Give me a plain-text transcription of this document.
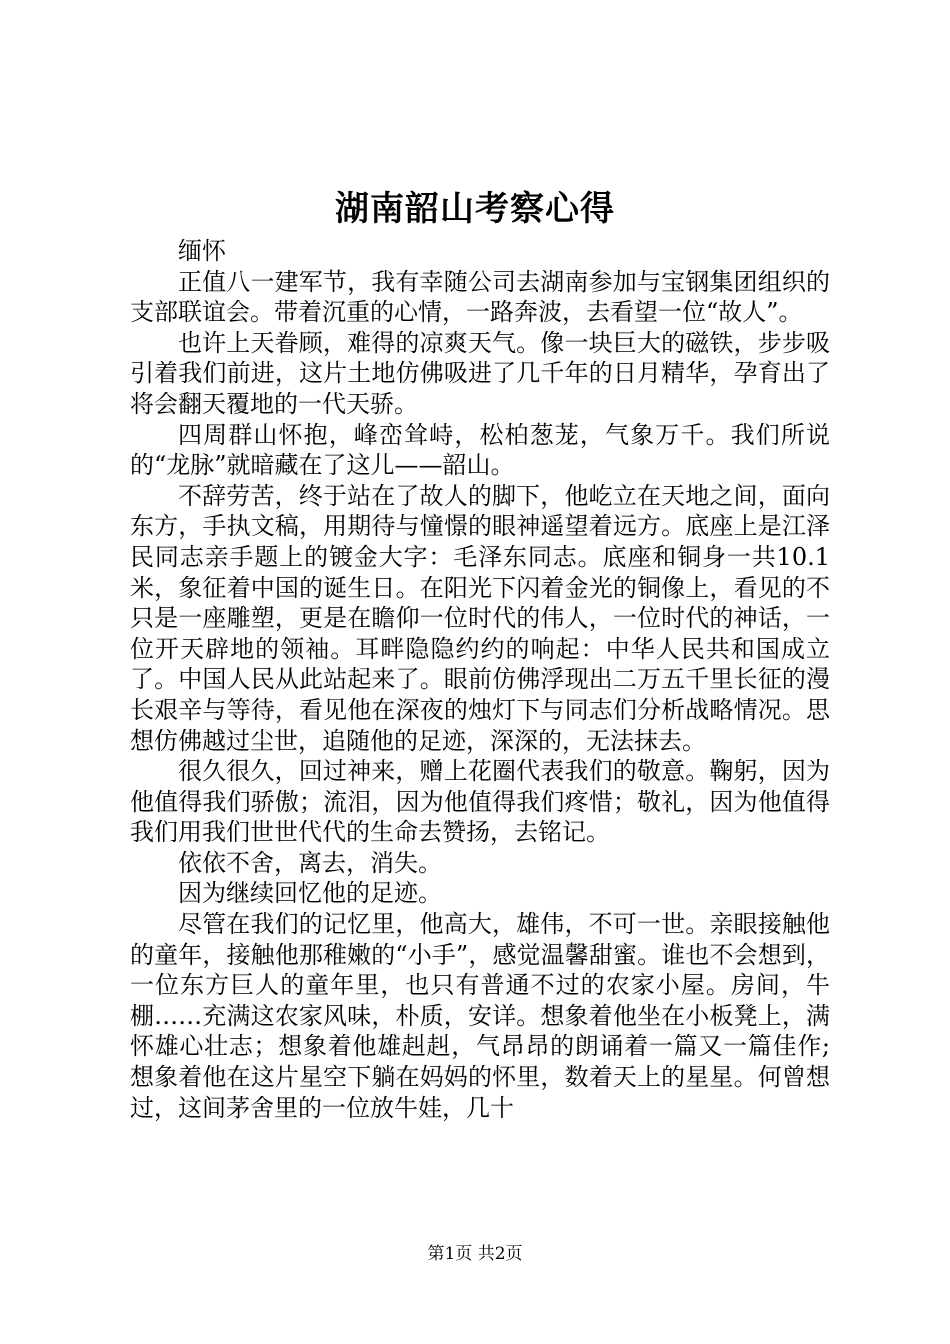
湖南韶山考察心得

缅怀

正值八一建军节，我有幸随公司去湖南参加与宝钢集团组织的支部联谊会。带着沉重的心情，一路奔波，去看望一位“故人”。

也许上天眷顾，难得的凉爽天气。像一块巨大的磁铁，步步吸引着我们前进，这片土地仿佛吸进了几千年的日月精华，孕育出了将会翻天覆地的一代天骄。

四周群山怀抱，峰峦耸峙，松柏葱茏，气象万千。我们所说的“龙脉”就暗藏在了这儿——韶山。

不辞劳苦，终于站在了故人的脚下，他屹立在天地之间，面向东方，手执文稿，用期待与憧憬的眼神遥望着远方。底座上是江泽民同志亲手题上的镀金大字：毛泽东同志。底座和铜身一共10.1米，象征着中国的诞生日。在阳光下闪着金光的铜像上，看见的不只是一座雕塑，更是在瞻仰一位时代的伟人，一位时代的神话，一位开天辟地的领袖。耳畔隐隐约约的响起：中华人民共和国成立了。中国人民从此站起来了。眼前仿佛浮现出二万五千里长征的漫长艰辛与等待，看见他在深夜的烛灯下与同志们分析战略情况。思想仿佛越过尘世，追随他的足迹，深深的，无法抹去。

很久很久，回过神来，赠上花圈代表我们的敬意。鞠躬，因为他值得我们骄傲；流泪，因为他值得我们疼惜；敬礼，因为他值得我们用我们世世代代的生命去赞扬，去铭记。

依依不舍，离去，消失。

因为继续回忆他的足迹。

尽管在我们的记忆里，他高大，雄伟，不可一世。亲眼接触他的童年，接触他那稚嫩的“小手”，感觉温馨甜蜜。谁也不会想到，一位东方巨人的童年里，也只有普通不过的农家小屋。房间，牛棚……充满这农家风味，朴质，安详。想象着他坐在小板凳上，满怀雄心壮志；想象着他雄赳赳，气昂昂的朗诵着一篇又一篇佳作;想象着他在这片星空下躺在妈妈的怀里，数着天上的星星。何曾想过，这间茅舍里的一位放牛娃，几十

第1页 共2页
